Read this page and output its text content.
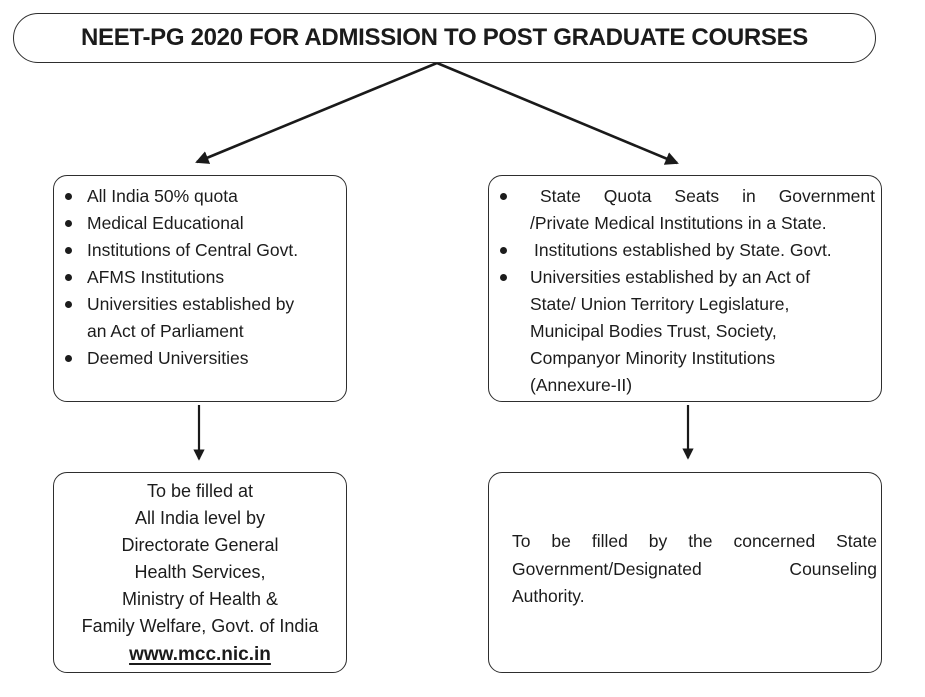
NEET-PG 2020 FOR ADMISSION TO POST GRADUATE COURSES
All India 50% quota
Medical Educational
Institutions of Central Govt.
AFMS Institutions
Universities established by
an Act of Parliament
Deemed Universities
State Quota Seats in Government
/Private Medical Institutions in a State.
Institutions established by State. Govt.
Universities established by an Act of
State/ Union Territory Legislature,
Municipal Bodies Trust, Society,
Companyor Minority Institutions
(Annexure-II)
To be filled at
All India level by
Directorate General
Health Services,
Ministry of Health &
Family Welfare, Govt. of India
www.mcc.nic.in
To be filled by the concerned State
Government/Designated Counseling
Authority.
